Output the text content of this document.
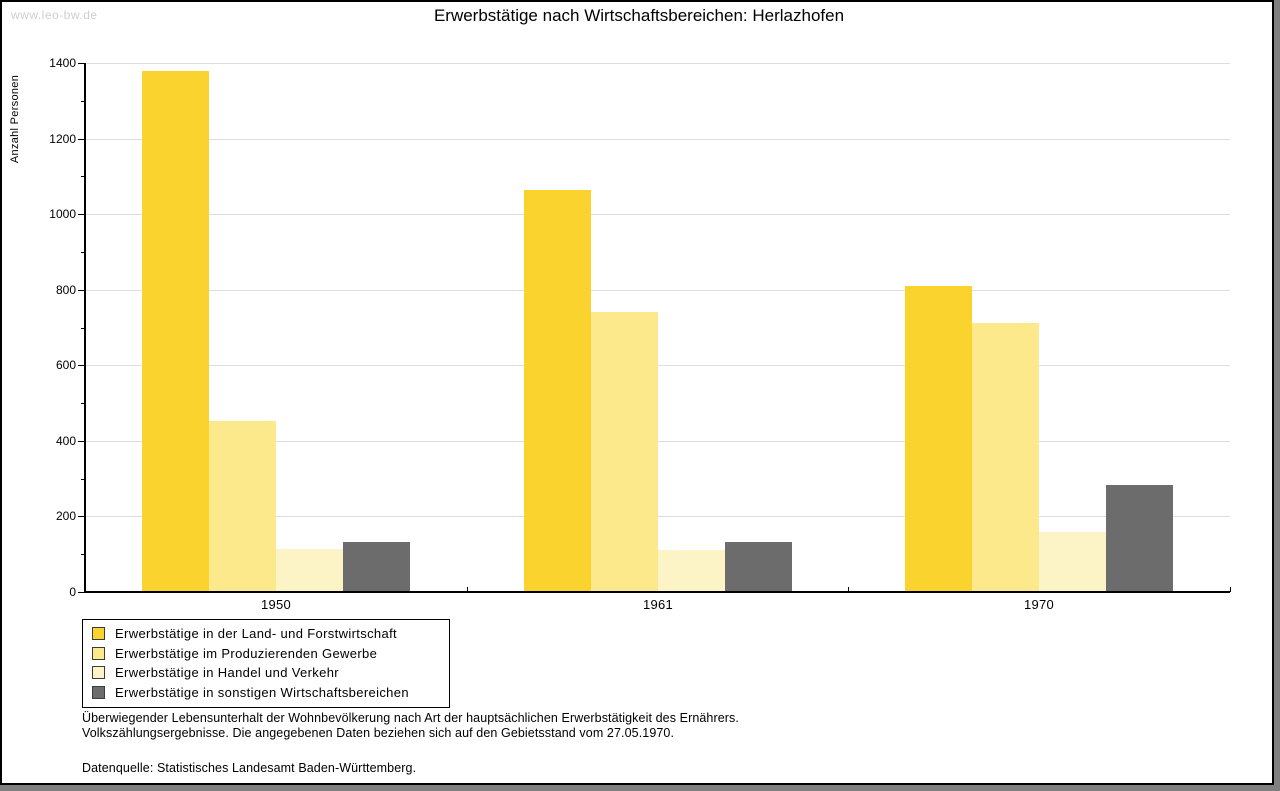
www.leo-bw.de	Erwerbstätige nach Wirtschaftsbereichen: Herlazhofen
Anzahl Personen
0
200
400
600
800
1000
1200
1400
1950	1961	1970
Erwerbstätige in der Land- und Forstwirtschaft
Erwerbstätige im Produzierenden Gewerbe
Erwerbstätige in Handel und Verkehr
Erwerbstätige in sonstigen Wirtschaftsbereichen
Überwiegender Lebensunterhalt der Wohnbevölkerung nach Art der hauptsächlichen Erwerbstätigkeit des Ernährers.
Volkszählungsergebnisse. Die angegebenen Daten beziehen sich auf den Gebietsstand vom 27.05.1970.
Datenquelle: Statistisches Landesamt Baden-Württemberg.
